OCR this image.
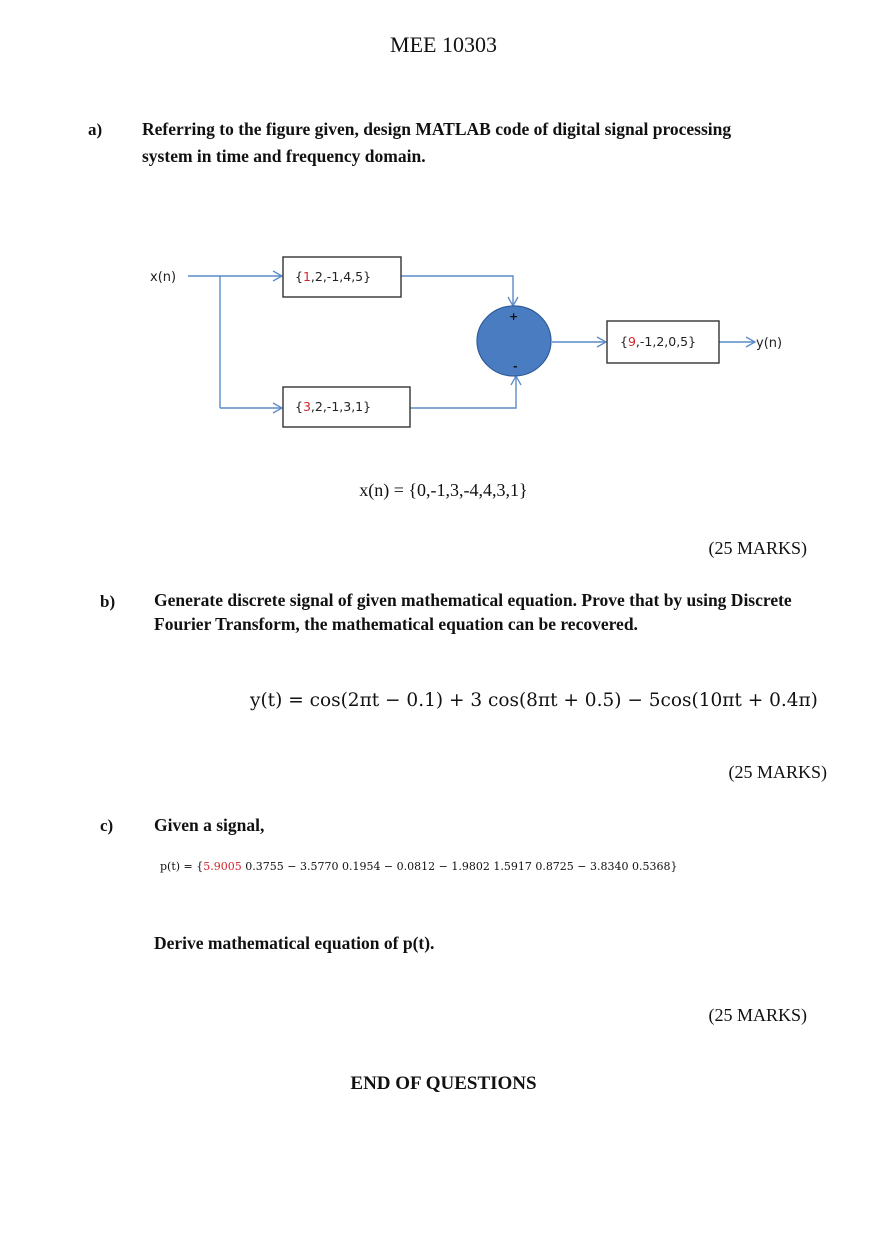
MEE 10303
a) Referring to the figure given, design MATLAB code of digital signal processing
system in time and frequency domain.
x(n)	{1,2,-1,4,5}
{3,2,-1,3,1}
+
-
{9,-1,2,0,5}	y(n)
x(n) = {0,-1,3,-4,4,3,1}
(25 MARKS)
b) Generate discrete signal of given mathematical equation. Prove that by using Discrete
Fourier Transform, the mathematical equation can be recovered.
y(t) = cos(2πt − 0.1) + 3 cos(8πt + 0.5) − 5cos(10πt + 0.4π)
(25 MARKS)
c) Given a signal,
p(t) = {5.9005 0.3755 − 3.5770 0.1954 − 0.0812 − 1.9802 1.5917 0.8725 − 3.8340 0.5368}
Derive mathematical equation of p(t).
(25 MARKS)
END OF QUESTIONS
